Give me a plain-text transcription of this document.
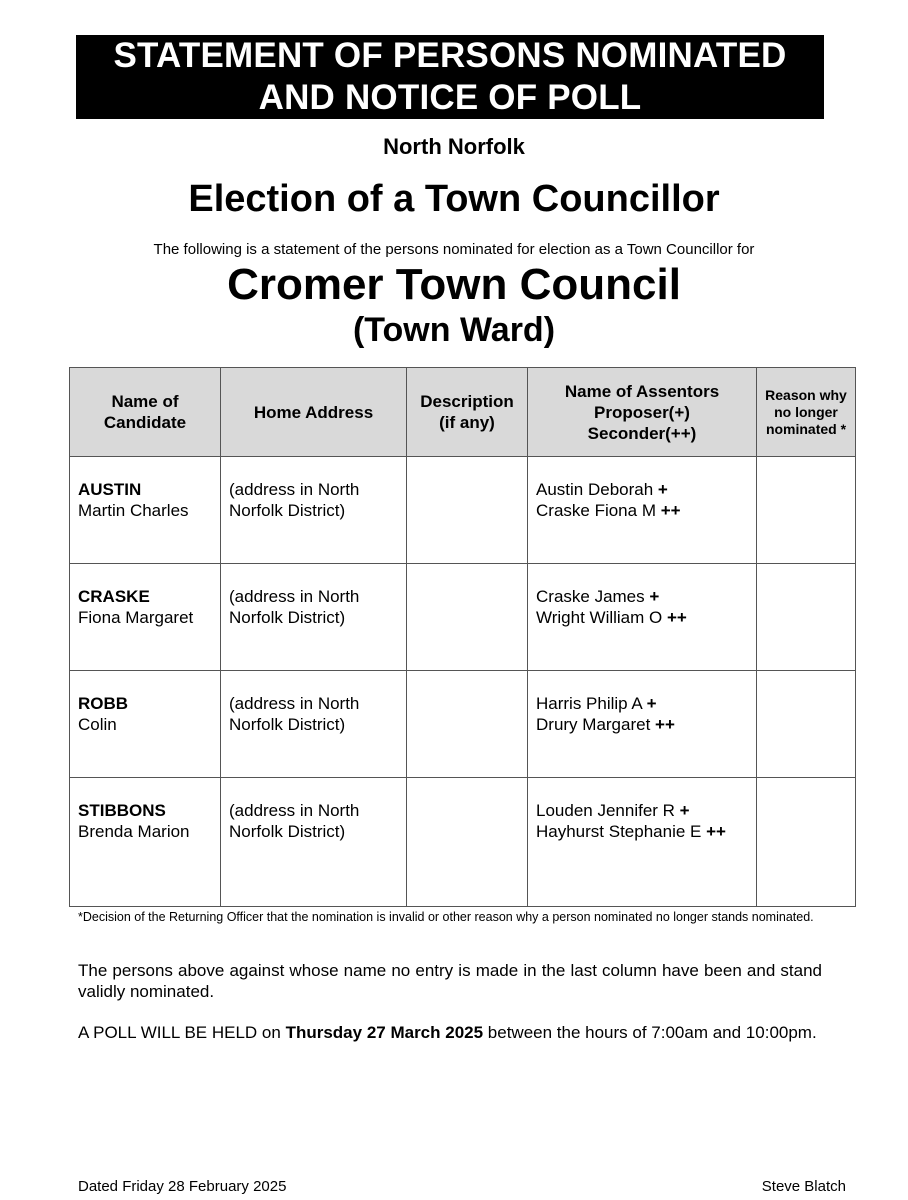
STATEMENT OF PERSONS NOMINATED
AND NOTICE OF POLL
North Norfolk
Election of a Town Councillor
The following is a statement of the persons nominated for election as a Town Councillor for
Cromer Town Council
(Town Ward)
Name of Candidate	Home Address	Description (if any)	Name of Assentors
Proposer(+)
Seconder(++)	Reason why no longer nominated *

AUSTIN
Martin Charles	(address in North Norfolk District)		Austin Deborah +
Craske Fiona M ++	

CRASKE
Fiona Margaret	(address in North Norfolk District)		Craske James +
Wright William O ++	

ROBB
Colin	(address in North Norfolk District)		Harris Philip A +
Drury Margaret ++	

STIBBONS
Brenda Marion	(address in North Norfolk District)		Louden Jennifer R +
Hayhurst Stephanie E ++	

*Decision of the Returning Officer that the nomination is invalid or other reason why a person nominated no longer stands nominated.
The persons above against whose name no entry is made in the last column have been and stand validly nominated.
A POLL WILL BE HELD on Thursday 27 March 2025 between the hours of 7:00am and 10:00pm.
Dated Friday 28 February 2025	Steve Blatch
